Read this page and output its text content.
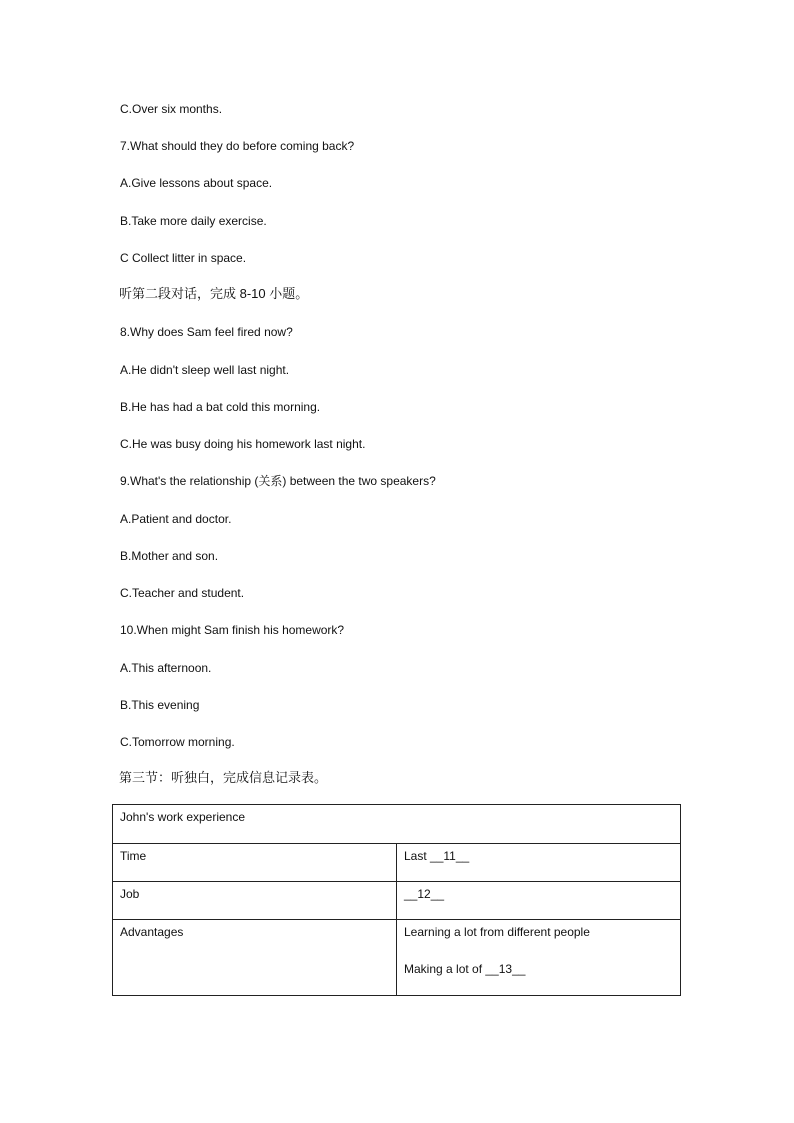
C.Over six months.
7.What should they do before coming back?
A.Give lessons about space.
B.Take more daily exercise.
C Collect litter in space.
听第二段对话，完成 8-10 小题。
8.Why does Sam feel fired now?
A.He didn't sleep well last night.
B.He has had a bat cold this morning.
C.He was busy doing his homework last night.
9.What's the relationship (关系) between the two speakers?
A.Patient and doctor.
B.Mother and son.
C.Teacher and student.
10.When might Sam finish his homework?
A.This afternoon.
B.This evening
C.Tomorrow morning.
第三节：听独白，完成信息记录表。
John's work experience	
Time	Last __11__
Job	__12__
Advantages	Learning a lot from different people
Making a lot of __13__
